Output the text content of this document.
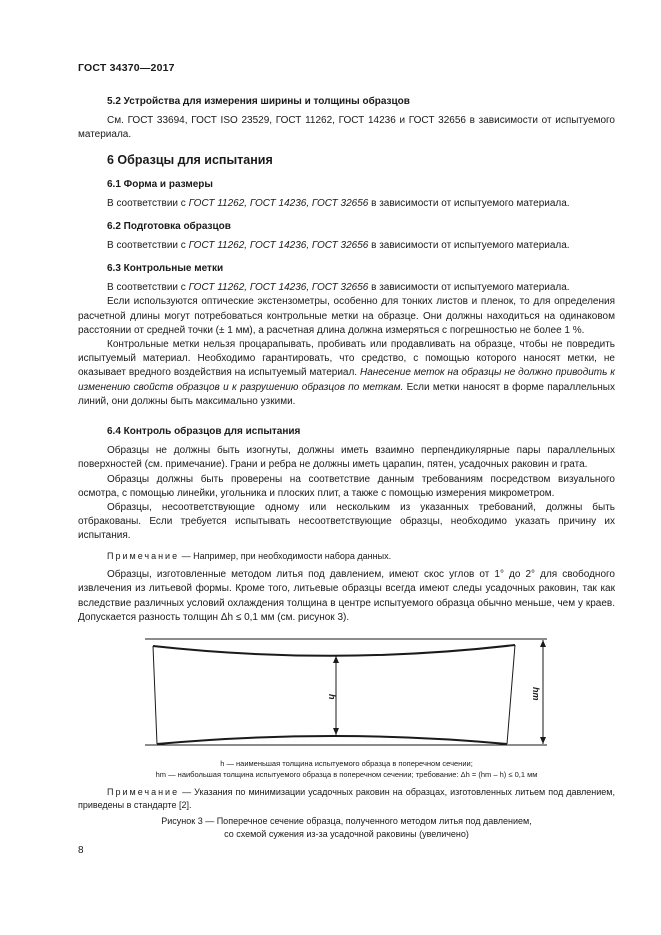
ГОСТ 34370—2017
5.2 Устройства для измерения ширины и толщины образцов

Cм. ГОСТ 33694, ГОСТ ISO 23529, ГОСТ 11262, ГОСТ 14236 и ГОСТ 32656 в зависимости от испытуемого материала.

6 Образцы для испытания
6.1 Форма и размеры

В соответствии с ГОСТ 11262, ГОСТ 14236, ГОСТ 32656 в зависимости от испытуемого материала.

6.2 Подготовка образцов

В соответствии с ГОСТ 11262, ГОСТ 14236, ГОСТ 32656 в зависимости от испытуемого материала.

6.3 Контрольные метки

В соответствии с ГОСТ 11262, ГОСТ 14236, ГОСТ 32656 в зависимости от испытуемого материала.

Если используются оптические экстензометры, особенно для тонких листов и пленок, то для определения расчетной длины могут потребоваться контрольные метки на образце. Они должны находиться на одинаковом расстоянии от средней точки (± 1 мм), а расчетная длина должна измеряться с погрешностью не более 1 %.

Контрольные метки нельзя процарапывать, пробивать или продавливать на образце, чтобы не повредить испытуемый материал. Необходимо гарантировать, что средство, с помощью которого наносят метки, не оказывает вредного воздействия на испытуемый материал. Нанесение меток на образцы не должно приводить к изменению свойств образцов и к разрушению образцов по меткам. Если метки наносят в форме параллельных линий, они должны быть максимально узкими.

6.4 Контроль образцов для испытания

Образцы не должны быть изогнуты, должны иметь взаимно перпендикулярные пары параллельных поверхностей (см. примечание). Грани и ребра не должны иметь царапин, пятен, усадочных раковин и грата.

Образцы должны быть проверены на соответствие данным требованиям посредством визуального осмотра, с помощью линейки, угольника и плоских плит, а также с помощью измерения микрометром.

Образцы, несоответствующие одному или нескольким из указанных требований, должны быть отбракованы. Если требуется испытывать несоответствующие образцы, необходимо указать причину их испытания.

Примечание — Например, при необходимости набора данных.

Образцы, изготовленные методом литья под давлением, имеют скос углов от 1° до 2° для свободного извлечения из литьевой формы. Кроме того, литьевые образцы всегда имеют следы усадочных раковин, так как вследствие различных условий охлаждения толщина в центре испытуемого образца обычно меньше, чем у краев. Допускается разность толщин Δh ≤ 0,1 мм (см. рисунок 3).

h	hm
h — наименьшая толщина испытуемого образца в поперечном сечении;
hm — наибольшая толщина испытуемого образца в поперечном сечении; требование: Δh = (hm – h) ≤ 0,1 мм

Примечание — Указания по минимизации усадочных раковин на образцах, изготовленных литьем под давлением, приведены в стандарте [2].

Рисунок 3 — Поперечное сечение образца, полученного методом литья под давлением,
со схемой сужения из-за усадочной раковины (увеличено)
8
